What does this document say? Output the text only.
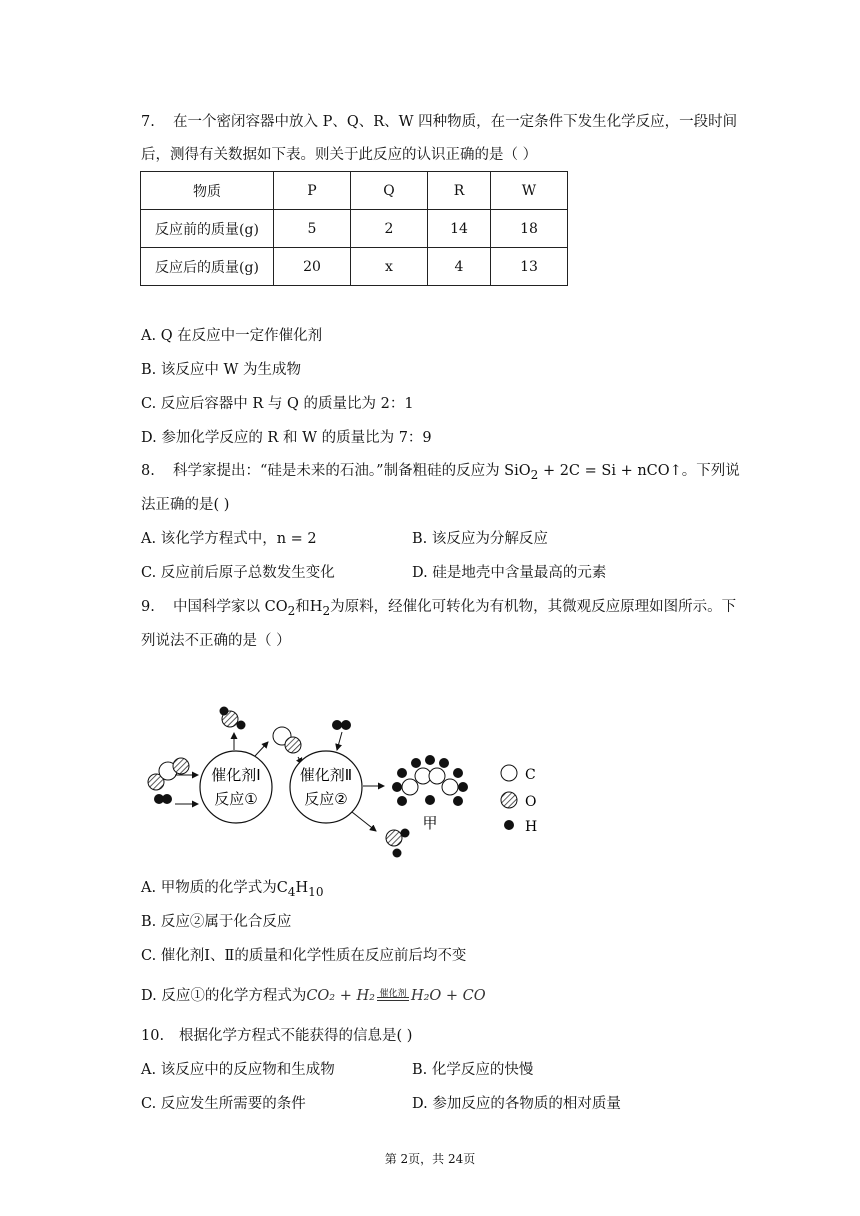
7. 在一个密闭容器中放入 P、Q、R、W 四种物质，在一定条件下发生化学反应，一段时间
后，测得有关数据如下表。则关于此反应的认识正确的是（ ）
物质	P	Q	R	W
反应前的质量(g)	5	2	14	18
反应后的质量(g)	20	x	4	13
A. Q 在反应中一定作催化剂
B. 该反应中 W 为生成物
C. 反应后容器中 R 与 Q 的质量比为 2：1
D. 参加化学反应的 R 和 W 的质量比为 7：9
8. 科学家提出：“硅是未来的石油。”制备粗硅的反应为 SiO$_2$ + 2C = Si + nCO↑。下列说
法正确的是( )
A. 该化学方程式中，n = 2	B. 该反应为分解反应
C. 反应前后原子总数发生变化	D. 硅是地壳中含量最高的元素
9. 中国科学家以 $CO_2$和$H_2$为原料，经催化可转化为有机物，其微观反应原理如图所示。下
列说法不正确的是（ ）
催化剂Ⅰ
反应①
催化剂Ⅱ
反应②
甲
C
O
H
A. 甲物质的化学式为$C_4H_{10}$
B. 反应②属于化合反应
C. 催化剂Ⅰ、Ⅱ的质量和化学性质在反应前后均不变
D. 反应①的化学方程式为CO₂ + H₂ 催化剂 H₂O + CO
10. 根据化学方程式不能获得的信息是( )
A. 该反应中的反应物和生成物	B. 化学反应的快慢
C. 反应发生所需要的条件	D. 参加反应的各物质的相对质量
第 2页，共 24页
